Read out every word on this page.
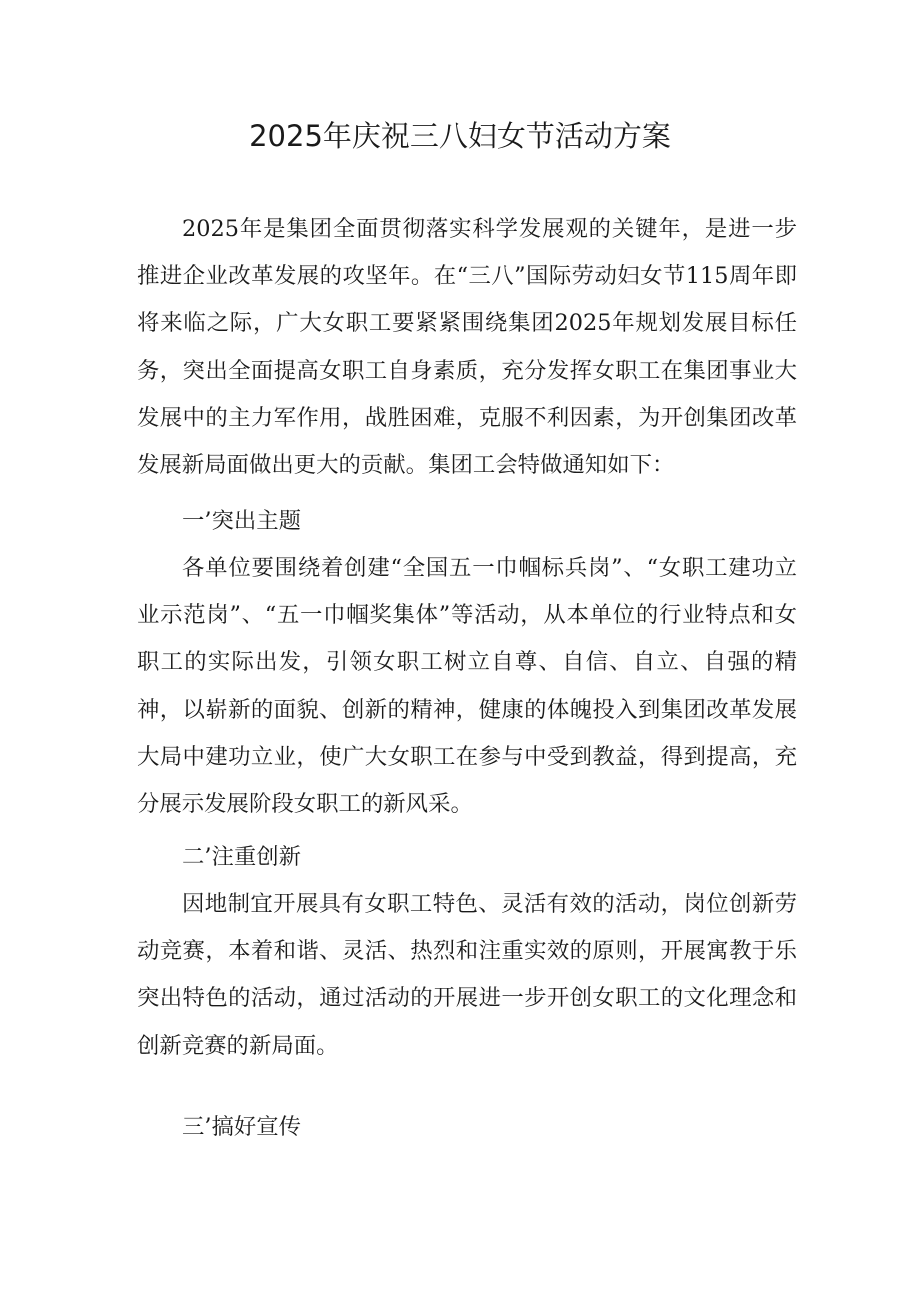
2025年庆祝三八妇女节活动方案

2025年是集团全面贯彻落实科学发展观的关键年，是进一步推进企业改革发展的攻坚年。在“三八”国际劳动妇女节115周年即将来临之际，广大女职工要紧紧围绕集团2025年规划发展目标任务，突出全面提高女职工自身素质，充分发挥女职工在集团事业大发展中的主力军作用，战胜困难，克服不利因素，为开创集团改革发展新局面做出更大的贡献。集团工会特做通知如下：

一’突出主题

各单位要围绕着创建“全国五一巾帼标兵岗”、“女职工建功立业示范岗”、“五一巾帼奖集体”等活动，从本单位的行业特点和女职工的实际出发，引领女职工树立自尊、自信、自立、自强的精神，以崭新的面貌、创新的精神，健康的体魄投入到集团改革发展大局中建功立业，使广大女职工在参与中受到教益，得到提高，充分展示发展阶段女职工的新风采。

二’注重创新

因地制宜开展具有女职工特色、灵活有效的活动，岗位创新劳动竞赛，本着和谐、灵活、热烈和注重实效的原则，开展寓教于乐突出特色的活动，通过活动的开展进一步开创女职工的文化理念和创新竞赛的新局面。

三’搞好宣传
